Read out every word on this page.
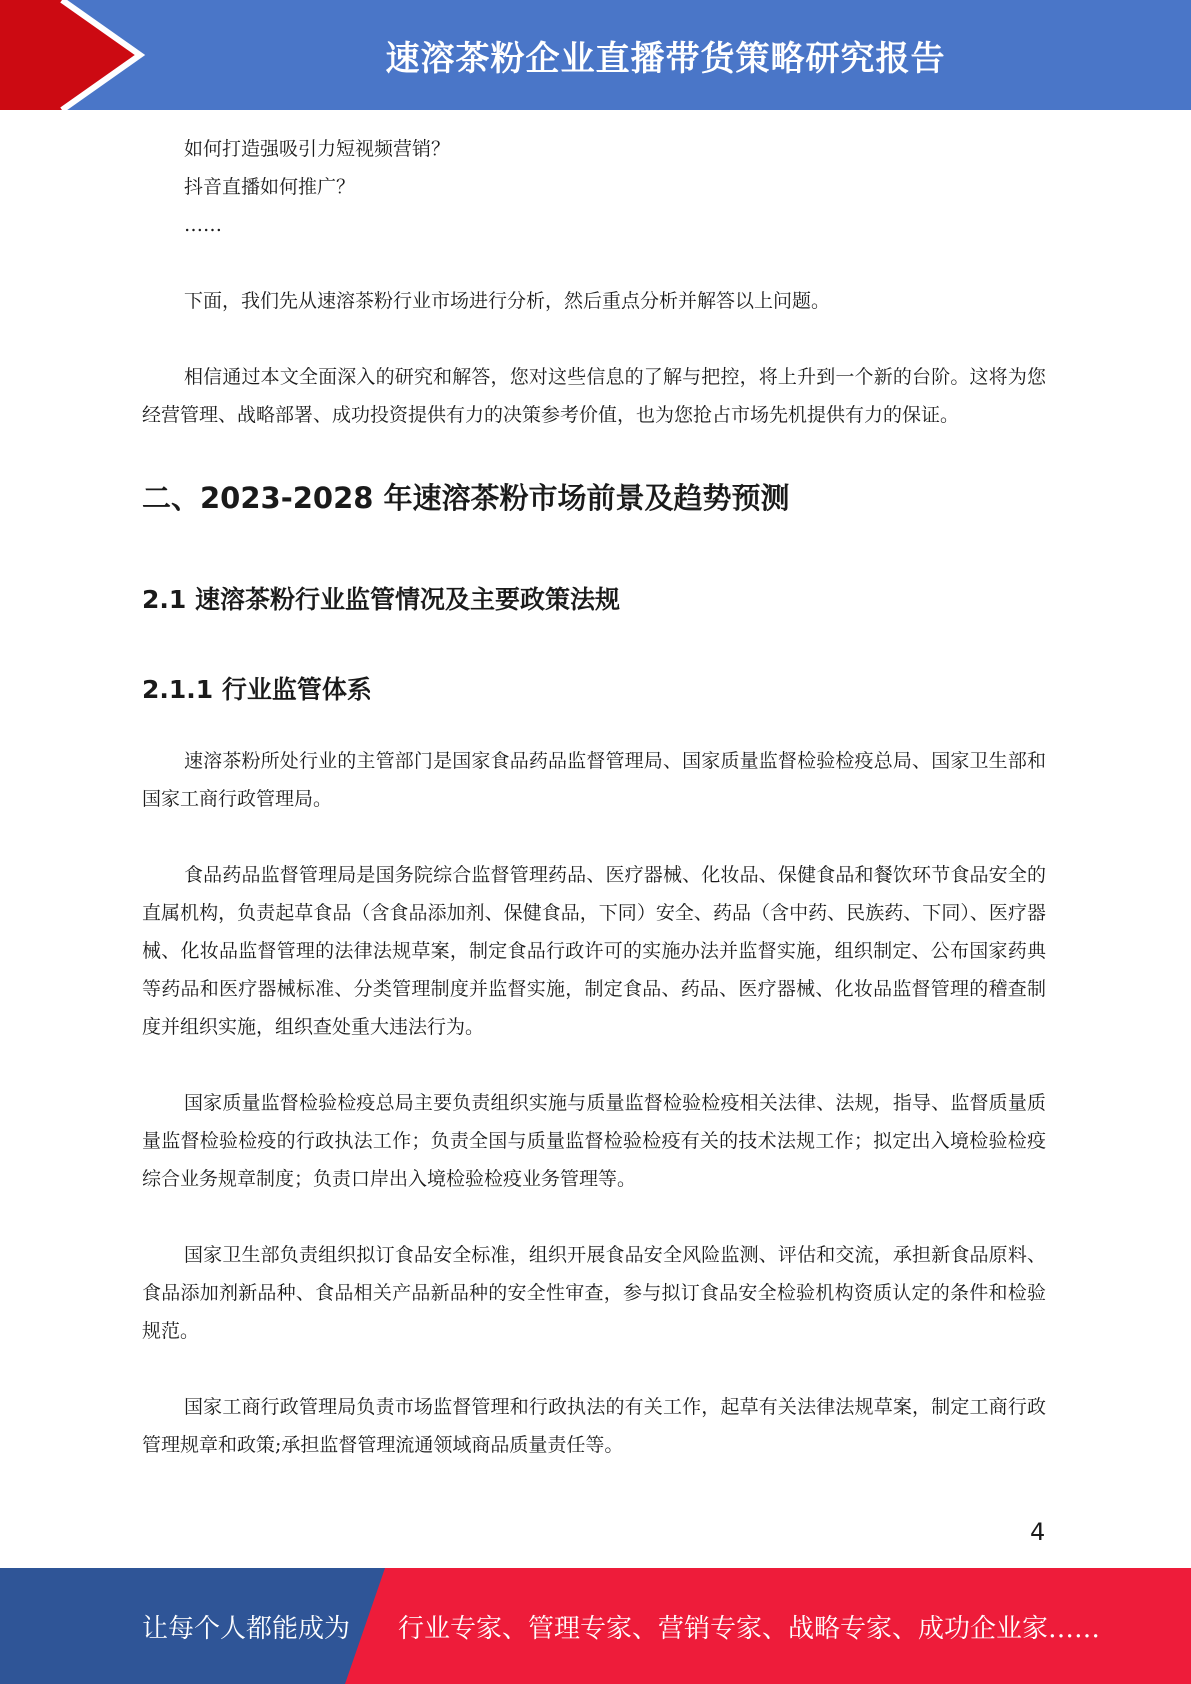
速溶茶粉企业直播带货策略研究报告

如何打造强吸引力短视频营销？

抖音直播如何推广？

……

下面，我们先从速溶茶粉行业市场进行分析，然后重点分析并解答以上问题。

相信通过本文全面深入的研究和解答，您对这些信息的了解与把控，将上升到一个新的台阶。这将为您经营管理、战略部署、成功投资提供有力的决策参考价值，也为您抢占市场先机提供有力的保证。

二、2023-2028 年速溶茶粉市场前景及趋势预测
2.1 速溶茶粉行业监管情况及主要政策法规
2.1.1 行业监管体系

速溶茶粉所处行业的主管部门是国家食品药品监督管理局、国家质量监督检验检疫总局、国家卫生部和国家工商行政管理局。

食品药品监督管理局是国务院综合监督管理药品、医疗器械、化妆品、保健食品和餐饮环节食品安全的直属机构，负责起草食品（含食品添加剂、保健食品，下同）安全、药品（含中药、民族药、下同）、医疗器械、化妆品监督管理的法律法规草案，制定食品行政许可的实施办法并监督实施，组织制定、公布国家药典等药品和医疗器械标准、分类管理制度并监督实施，制定食品、药品、医疗器械、化妆品监督管理的稽查制度并组织实施，组织查处重大违法行为。

国家质量监督检验检疫总局主要负责组织实施与质量监督检验检疫相关法律、法规，指导、监督质量质量监督检验检疫的行政执法工作；负责全国与质量监督检验检疫有关的技术法规工作；拟定出入境检验检疫综合业务规章制度；负责口岸出入境检验检疫业务管理等。

国家卫生部负责组织拟订食品安全标准，组织开展食品安全风险监测、评估和交流，承担新食品原料、食品添加剂新品种、食品相关产品新品种的安全性审查，参与拟订食品安全检验机构资质认定的条件和检验规范。

国家工商行政管理局负责市场监督管理和行政执法的有关工作，起草有关法律法规草案，制定工商行政管理规章和政策;承担监督管理流通领域商品质量责任等。

4
让每个人都能成为 行业专家、管理专家、营销专家、战略专家、成功企业家……
